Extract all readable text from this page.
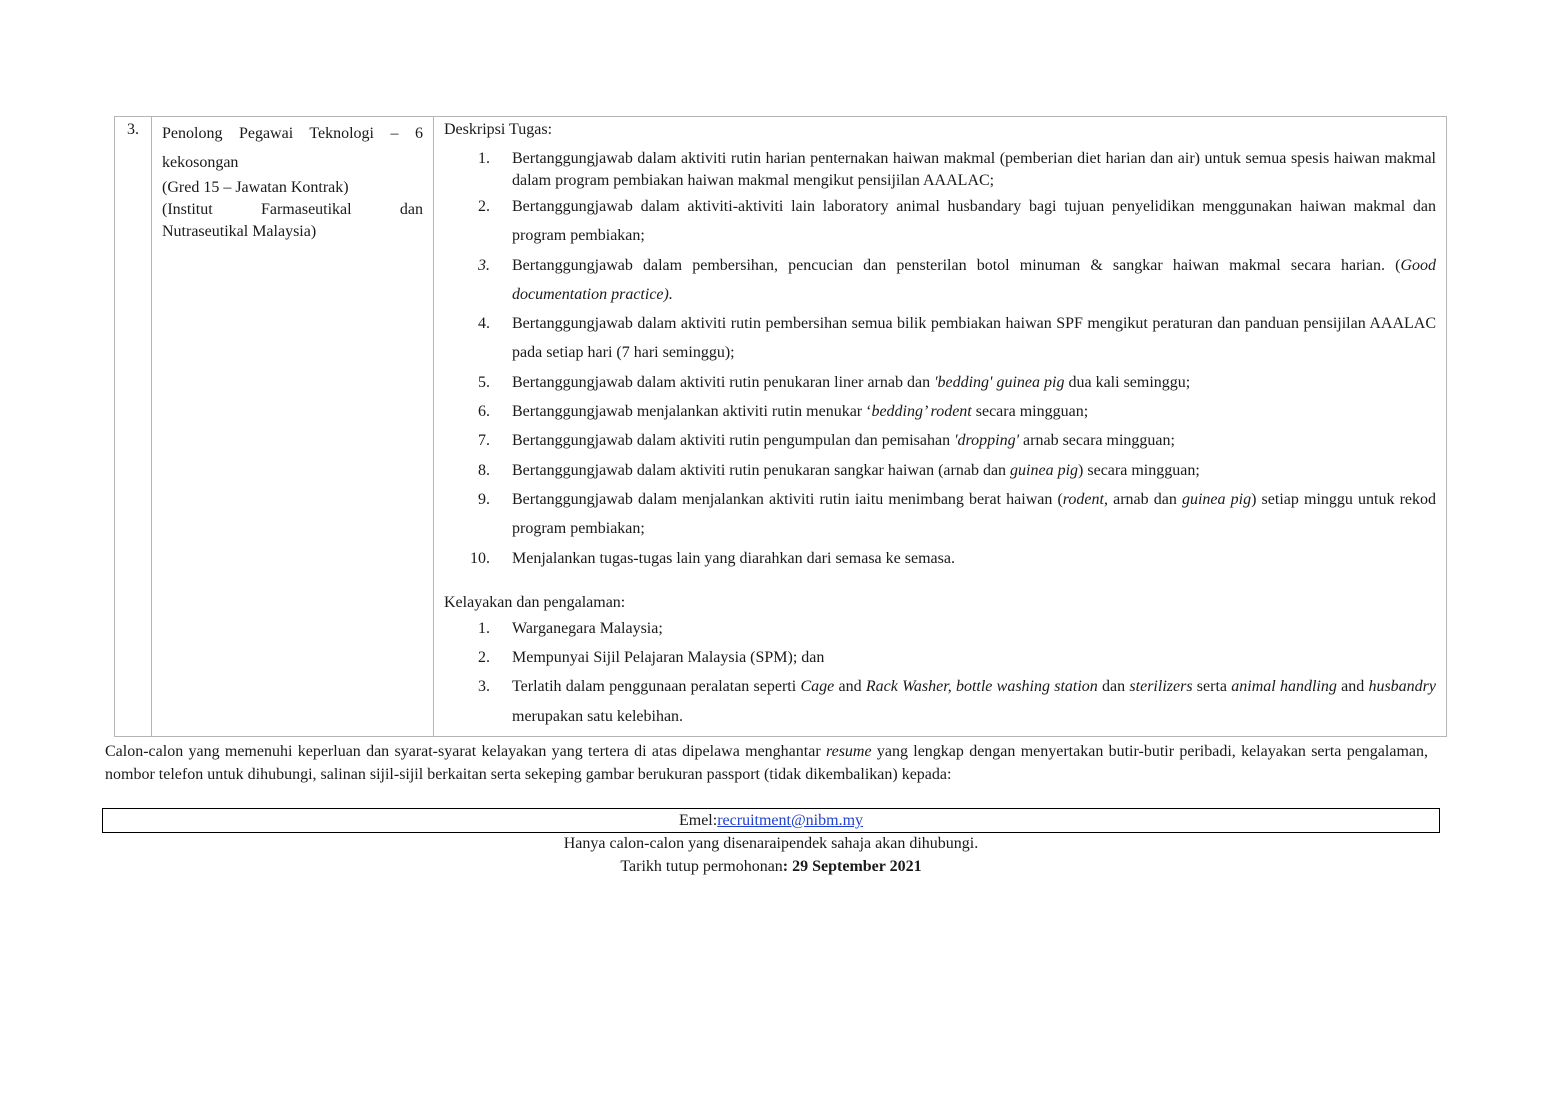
3.	Penolong Pegawai Teknologi – 6
kekosongan
(Gred 15 – Jawatan Kontrak)
(Institut Farmaseutikal dan
Nutraseutikal Malaysia)

Deskripsi Tugas:

1. Bertanggungjawab dalam aktiviti rutin harian penternakan haiwan makmal (pemberian diet harian dan air) untuk semua spesis haiwan makmal dalam program pembiakan haiwan makmal mengikut pensijilan AAALAC;
2. Bertanggungjawab dalam aktiviti-aktiviti lain laboratory animal husbandary bagi tujuan penyelidikan menggunakan haiwan makmal dan program pembiakan;
3. Bertanggungjawab dalam pembersihan, pencucian dan pensterilan botol minuman & sangkar haiwan makmal secara harian. (Good documentation practice).
4. Bertanggungjawab dalam aktiviti rutin pembersihan semua bilik pembiakan haiwan SPF mengikut peraturan dan panduan pensijilan AAALAC pada setiap hari (7 hari seminggu);
5. Bertanggungjawab dalam aktiviti rutin penukaran liner arnab dan 'bedding' guinea pig dua kali seminggu;
6. Bertanggungjawab menjalankan aktiviti rutin menukar ‘bedding’ rodent secara mingguan;
7. Bertanggungjawab dalam aktiviti rutin pengumpulan dan pemisahan 'dropping' arnab secara mingguan;
8. Bertanggungjawab dalam aktiviti rutin penukaran sangkar haiwan (arnab dan guinea pig) secara mingguan;
9. Bertanggungjawab dalam menjalankan aktiviti rutin iaitu menimbang berat haiwan (rodent, arnab dan guinea pig) setiap minggu untuk rekod program pembiakan;
10. Menjalankan tugas-tugas lain yang diarahkan dari semasa ke semasa.

Kelayakan dan pengalaman:

1. Warganegara Malaysia;
2. Mempunyai Sijil Pelajaran Malaysia (SPM); dan
3. Terlatih dalam penggunaan peralatan seperti Cage and Rack Washer, bottle washing station dan sterilizers serta animal handling and husbandry merupakan satu kelebihan.

Calon-calon yang memenuhi keperluan dan syarat-syarat kelayakan yang tertera di atas dipelawa menghantar resume yang lengkap dengan menyertakan butir-butir peribadi, kelayakan serta pengalaman, nombor telefon untuk dihubungi, salinan sijil-sijil berkaitan serta sekeping gambar berukuran passport (tidak dikembalikan) kepada:

Emel:recruitment@nibm.my
Hanya calon-calon yang disenaraipendek sahaja akan dihubungi.
Tarikh tutup permohonan: 29 September 2021
